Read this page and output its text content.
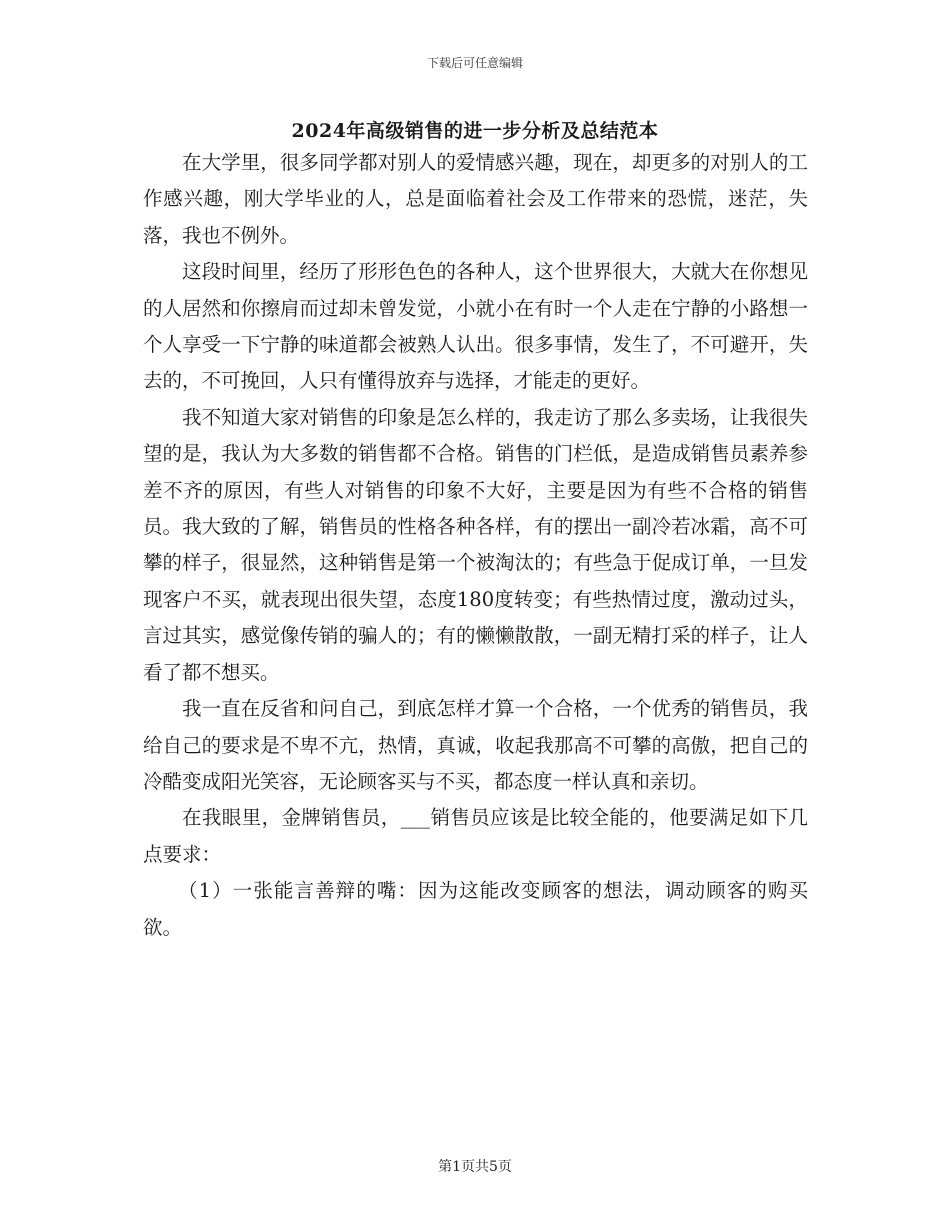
下载后可任意编辑
2024年高级销售的进一步分析及总结范本

在大学里，很多同学都对别人的爱情感兴趣，现在，却更多的对别人的工作感兴趣，刚大学毕业的人，总是面临着社会及工作带来的恐慌，迷茫，失落，我也不例外。

这段时间里，经历了形形色色的各种人，这个世界很大，大就大在你想见的人居然和你擦肩而过却未曾发觉，小就小在有时一个人走在宁静的小路想一个人享受一下宁静的味道都会被熟人认出。很多事情，发生了，不可避开，失去的，不可挽回，人只有懂得放弃与选择，才能走的更好。

我不知道大家对销售的印象是怎么样的，我走访了那么多卖场，让我很失望的是，我认为大多数的销售都不合格。销售的门栏低，是造成销售员素养参差不齐的原因，有些人对销售的印象不大好，主要是因为有些不合格的销售员。我大致的了解，销售员的性格各种各样，有的摆出一副冷若冰霜，高不可攀的样子，很显然，这种销售是第一个被淘汰的；有些急于促成订单，一旦发现客户不买，就表现出很失望，态度180度转变；有些热情过度，激动过头，言过其实，感觉像传销的骗人的；有的懒懒散散，一副无精打采的样子，让人看了都不想买。

我一直在反省和问自己，到底怎样才算一个合格，一个优秀的销售员，我给自己的要求是不卑不亢，热情，真诚，收起我那高不可攀的高傲，把自己的冷酷变成阳光笑容，无论顾客买与不买，都态度一样认真和亲切。

在我眼里，金牌销售员，___销售员应该是比较全能的，他要满足如下几点要求：

（1）一张能言善辩的嘴：因为这能改变顾客的想法，调动顾客的购买欲。

第1页共5页
